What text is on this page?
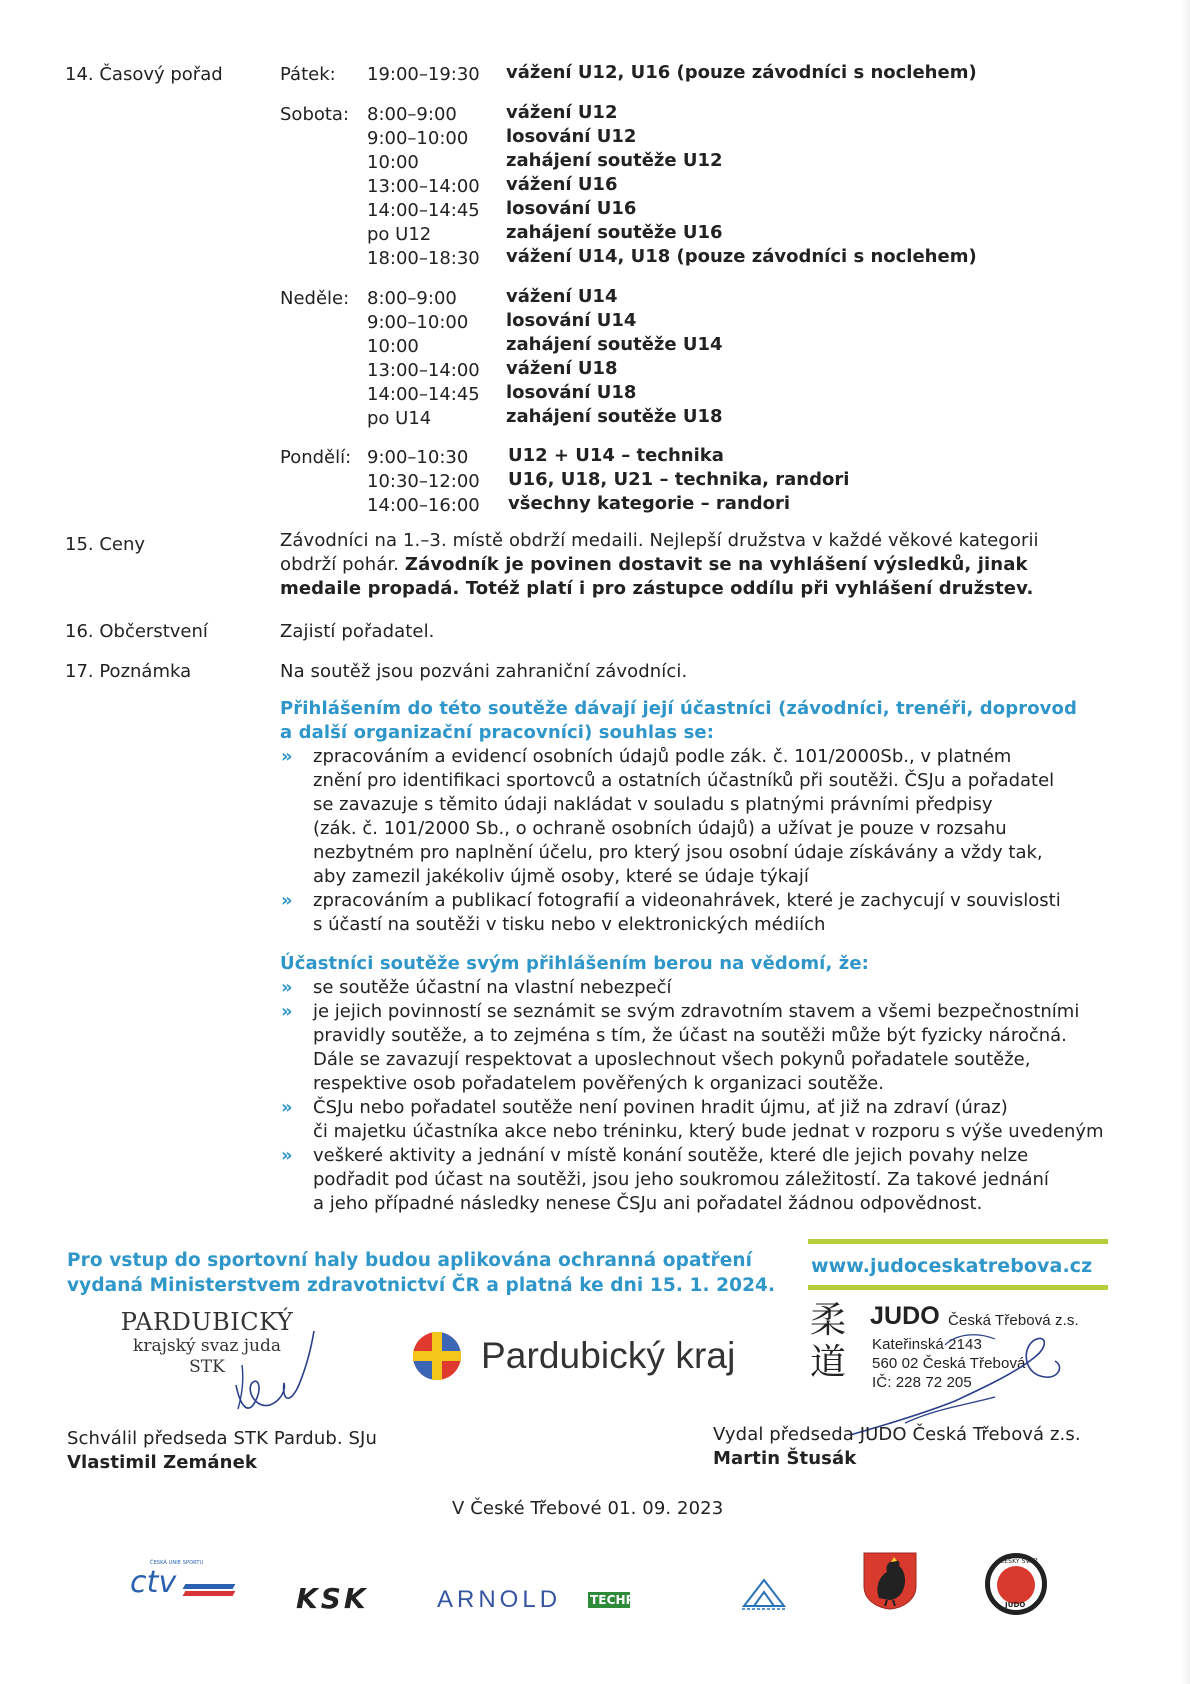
14. Časový pořad	Pátek: 19:00–19:30 vážení U12, U16 (pouze závodníci s noclehem)
Sobota: 8:00–9:00	vážení U12
9:00–10:00 losování U12
10:00	zahájení soutěže U12
13:00–14:00 vážení U16
14:00–14:45 losování U16
po U12	zahájení soutěže U16
18:00–18:30 vážení U14, U18 (pouze závodníci s noclehem)
Neděle: 8:00–9:00	vážení U14
9:00–10:00 losování U14
10:00	zahájení soutěže U14
13:00–14:00 vážení U18
14:00–14:45 losování U18
po U14	zahájení soutěže U18
Pondělí: 9:00–10:30 U12 + U14 – technika
10:30–12:00 U16, U18, U21 – technika, randori
14:00–16:00 všechny kategorie – randori
15. Ceny	Závodníci na 1.–3. místě obdrží medaili. Nejlepší družstva v každé věkové kategorii
obdrží pohár. Závodník je povinen dostavit se na vyhlášení výsledků, jinak
medaile propadá. Totéž platí i pro zástupce oddílu při vyhlášení družstev.
16. Občerstvení	Zajistí pořadatel.
17. Poznámka	Na soutěž jsou pozváni zahraniční závodníci.
Přihlášením do této soutěže dávají její účastníci (závodníci, trenéři, doprovod
a další organizační pracovníci) souhlas se:
» zpracováním a evidencí osobních údajů podle zák. č. 101/2000Sb., v platném
znění pro identifikaci sportovců a ostatních účastníků při soutěži. ČSJu a pořadatel
se zavazuje s těmito údaji nakládat v souladu s platnými právními předpisy
(zák. č. 101/2000 Sb., o ochraně osobních údajů) a užívat je pouze v rozsahu
nezbytném pro naplnění účelu, pro který jsou osobní údaje získávány a vždy tak,
aby zamezil jakékoliv újmě osoby, které se údaje týkají
» zpracováním a publikací fotografií a videonahrávek, které je zachycují v souvislosti
s účastí na soutěži v tisku nebo v elektronických médiích
Účastníci soutěže svým přihlášením berou na vědomí, že:
» se soutěže účastní na vlastní nebezpečí
» je jejich povinností se seznámit se svým zdravotním stavem a všemi bezpečnostními
pravidly soutěže, a to zejména s tím, že účast na soutěži může být fyzicky náročná.
Dále se zavazují respektovat a uposlechnout všech pokynů pořadatele soutěže,
respektive osob pořadatelem pověřených k organizaci soutěže.
» ČSJu nebo pořadatel soutěže není povinen hradit újmu, ať již na zdraví (úraz)
či majetku účastníka akce nebo tréninku, který bude jednat v rozporu s výše uvedeným
» veškeré aktivity a jednání v místě konání soutěže, které dle jejich povahy nelze
podřadit pod účast na soutěži, jsou jeho soukromou záležitostí. Za takové jednání
a jeho případné následky nenese ČSJu ani pořadatel žádnou odpovědnost.
Pro vstup do sportovní haly budou aplikována ochranná opatření
vydaná Ministerstvem zdravotnictví ČR a platná ke dni 15. 1. 2024.
www.judoceskatrebova.cz
PARDUBICKÝ
krajský svaz juda
STK	Pardubický kraj
柔道
JUDO Česká Třebová z.s.
Kateřinská 2143
560 02 Česká Třebová
IČ: 228 72 205
Schválil předseda STK Pardub. SJu
Vlastimil Zemánek
Vydal předseda JUDO Česká Třebová z.s.
Martin Štusák
V České Třebové 01. 09. 2023
ctv
ČESKÁ UNIE SPORTU
KSK	ARNOLD TECHPLAST
ČESKÝ SVAZ
JUDO
